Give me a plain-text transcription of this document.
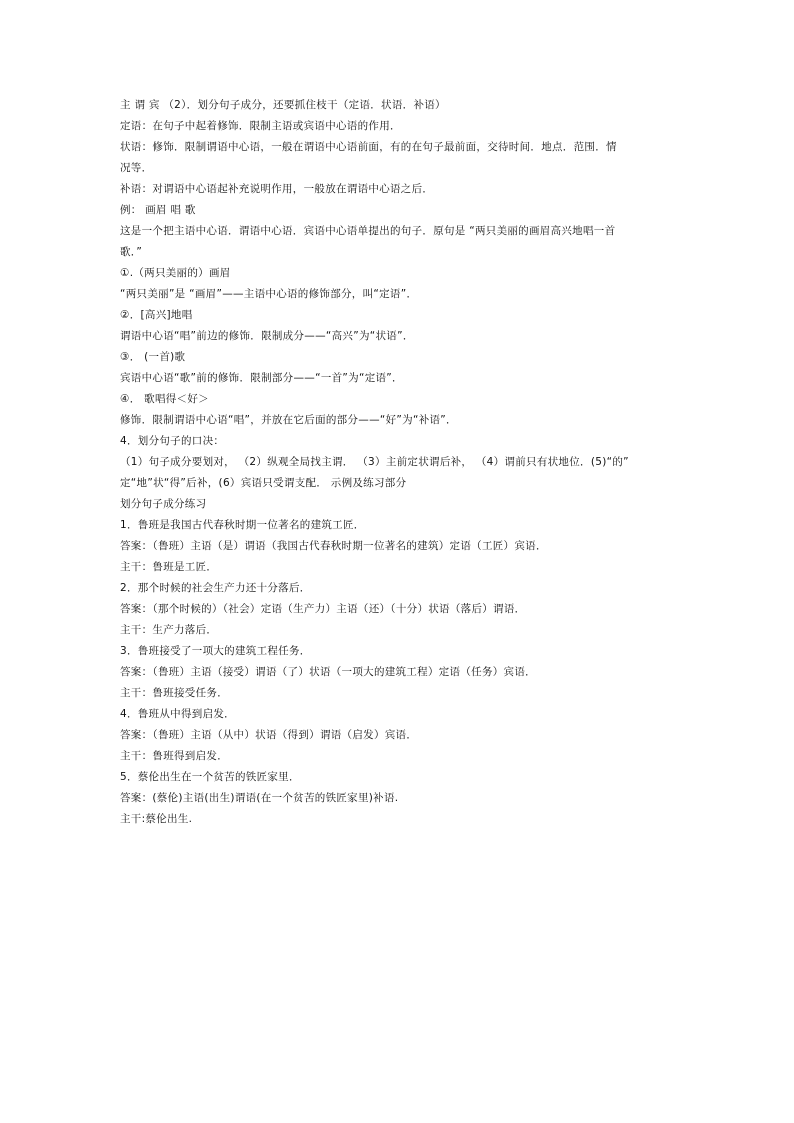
主 谓 宾 （2）．划分句子成分，还要抓住枝干（定语．状语．补语）
定语：在句子中起着修饰．限制主语或宾语中心语的作用．
状语：修饰．限制谓语中心语，一般在谓语中心语前面，有的在句子最前面，交待时间．地点．范围．情
况等．
补语：对谓语中心语起补充说明作用，一般放在谓语中心语之后．
例： 画眉 唱 歌
这是一个把主语中心语．谓语中心语．宾语中心语单提出的句子．原句是 “两只美丽的画眉高兴地唱一首
歌．”
①.（两只美丽的）画眉
“两只美丽”是 “画眉”——主语中心语的修饰部分，叫“定语”．
②．[高兴]地唱
谓语中心语“唱”前边的修饰．限制成分——“高兴”为“状语”．
③． (一首)歌
宾语中心语“歌”前的修饰．限制部分——“一首”为“定语”．
④． 歌唱得＜好＞
修饰．限制谓语中心语“唱”，并放在它后面的部分——“好”为“补语”．
4．划分句子的口决：
（1）句子成分要划对， （2）纵观全局找主谓． （3）主前定状谓后补， （4）谓前只有状地位．(5)“的”
定“地”状“得”后补，(6）宾语只受谓支配． 示例及练习部分
划分句子成分练习
1．鲁班是我国古代春秋时期一位著名的建筑工匠．
答案：（鲁班）主语（是）谓语（我国古代春秋时期一位著名的建筑）定语（工匠）宾语．
主干：鲁班是工匠．
2．那个时候的社会生产力还十分落后．
答案：（那个时候的）（社会）定语（生产力）主语（还）（十分）状语（落后）谓语．
主干：生产力落后．
3．鲁班接受了一项大的建筑工程任务．
答案：（鲁班）主语（接受）谓语（了）状语（一项大的建筑工程）定语（任务）宾语．
主干：鲁班接受任务．
4．鲁班从中得到启发．
答案：（鲁班）主语（从中）状语（得到）谓语（启发）宾语．
主干：鲁班得到启发．
5．蔡伦出生在一个贫苦的铁匠家里．
答案：(蔡伦)主语(出生)谓语(在一个贫苦的铁匠家里)补语.
主干:蔡伦出生.
